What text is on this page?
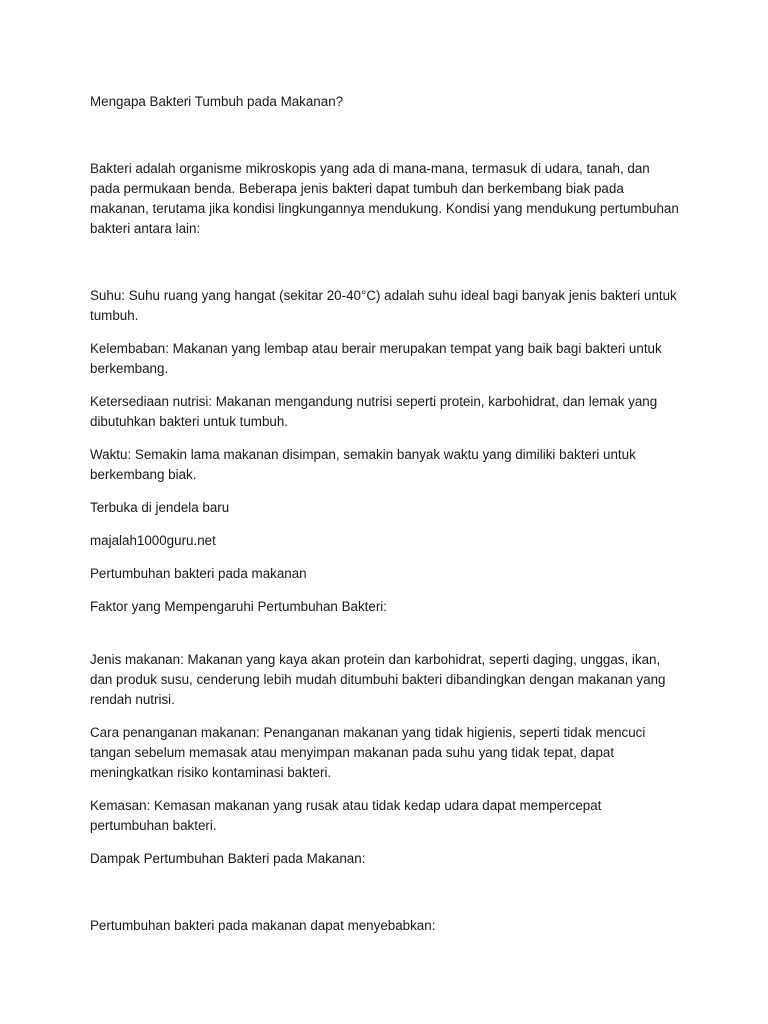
Mengapa Bakteri Tumbuh pada Makanan?

Bakteri adalah organisme mikroskopis yang ada di mana-mana, termasuk di udara, tanah, dan pada permukaan benda. Beberapa jenis bakteri dapat tumbuh dan berkembang biak pada makanan, terutama jika kondisi lingkungannya mendukung. Kondisi yang mendukung pertumbuhan bakteri antara lain:

Suhu: Suhu ruang yang hangat (sekitar 20-40°C) adalah suhu ideal bagi banyak jenis bakteri untuk tumbuh.

Kelembaban: Makanan yang lembap atau berair merupakan tempat yang baik bagi bakteri untuk berkembang.

Ketersediaan nutrisi: Makanan mengandung nutrisi seperti protein, karbohidrat, dan lemak yang dibutuhkan bakteri untuk tumbuh.

Waktu: Semakin lama makanan disimpan, semakin banyak waktu yang dimiliki bakteri untuk berkembang biak.

Terbuka di jendela baru

majalah1000guru.net

Pertumbuhan bakteri pada makanan

Faktor yang Mempengaruhi Pertumbuhan Bakteri:

Jenis makanan: Makanan yang kaya akan protein dan karbohidrat, seperti daging, unggas, ikan, dan produk susu, cenderung lebih mudah ditumbuhi bakteri dibandingkan dengan makanan yang rendah nutrisi.

Cara penanganan makanan: Penanganan makanan yang tidak higienis, seperti tidak mencuci tangan sebelum memasak atau menyimpan makanan pada suhu yang tidak tepat, dapat meningkatkan risiko kontaminasi bakteri.

Kemasan: Kemasan makanan yang rusak atau tidak kedap udara dapat mempercepat pertumbuhan bakteri.

Dampak Pertumbuhan Bakteri pada Makanan:

Pertumbuhan bakteri pada makanan dapat menyebabkan:
